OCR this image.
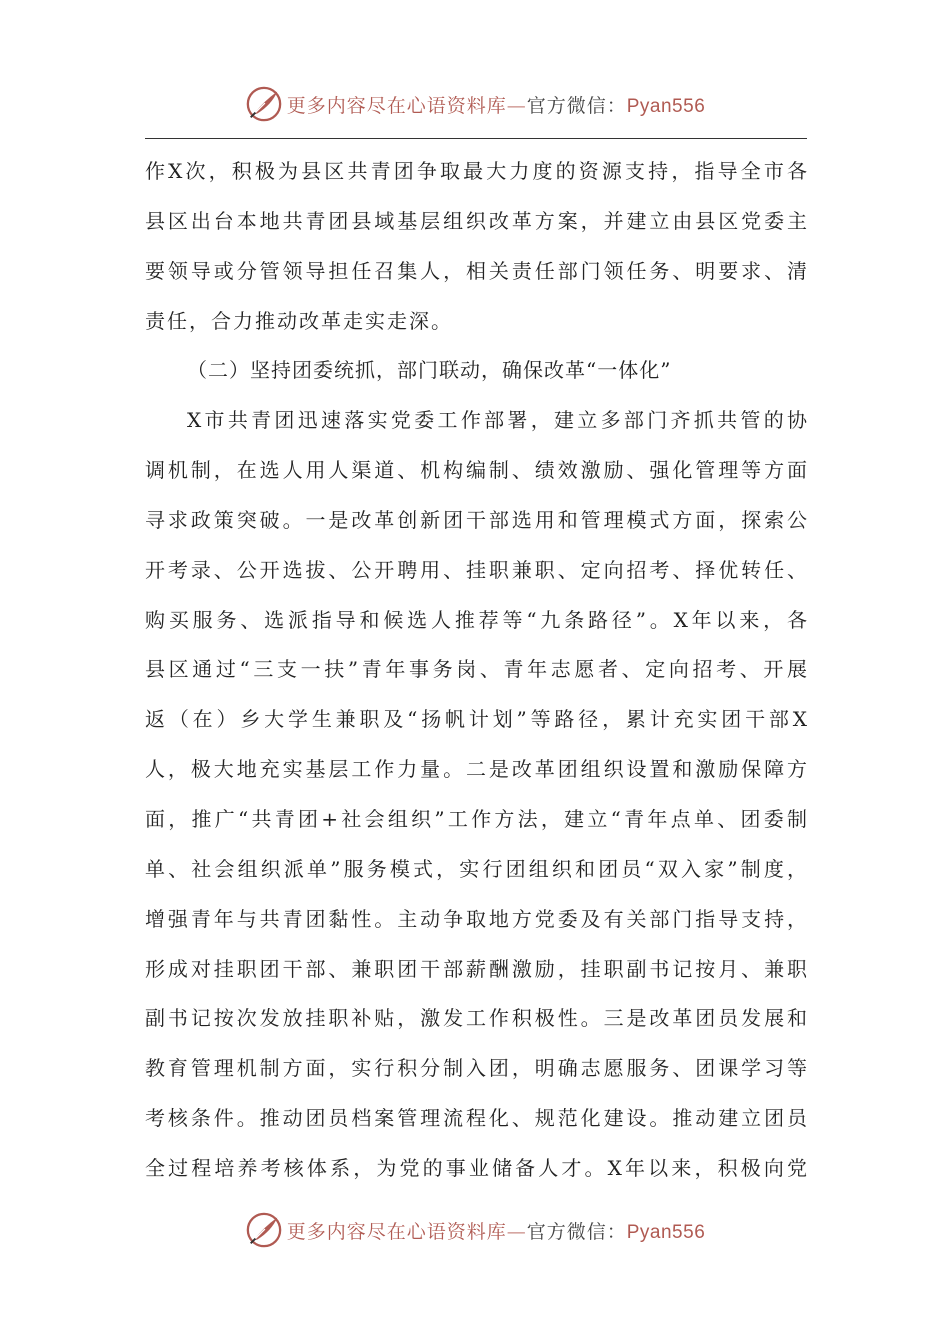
更多内容尽在心语资料库—官方微信：Pyan556
作X次，积极为县区共青团争取最大力度的资源支持，指导全市各
县区出台本地共青团县域基层组织改革方案，并建立由县区党委主
要领导或分管领导担任召集人，相关责任部门领任务、明要求、清
责任，合力推动改革走实走深。
（二）坚持团委统抓，部门联动，确保改革“一体化”
X市共青团迅速落实党委工作部署，建立多部门齐抓共管的协
调机制，在选人用人渠道、机构编制、绩效激励、强化管理等方面
寻求政策突破。一是改革创新团干部选用和管理模式方面，探索公
开考录、公开选拔、公开聘用、挂职兼职、定向招考、择优转任、
购买服务、选派指导和候选人推荐等“九条路径”。X年以来，各
县区通过“三支一扶”青年事务岗、青年志愿者、定向招考、开展
返（在）乡大学生兼职及“扬帆计划”等路径，累计充实团干部X
人，极大地充实基层工作力量。二是改革团组织设置和激励保障方
面，推广“共青团+社会组织”工作方法，建立“青年点单、团委制
单、社会组织派单”服务模式，实行团组织和团员“双入家”制度，
增强青年与共青团黏性。主动争取地方党委及有关部门指导支持，
形成对挂职团干部、兼职团干部薪酬激励，挂职副书记按月、兼职
副书记按次发放挂职补贴，激发工作积极性。三是改革团员发展和
教育管理机制方面，实行积分制入团，明确志愿服务、团课学习等
考核条件。推动团员档案管理流程化、规范化建设。推动建立团员
全过程培养考核体系，为党的事业储备人才。X年以来，积极向党
更多内容尽在心语资料库—官方微信：Pyan556
